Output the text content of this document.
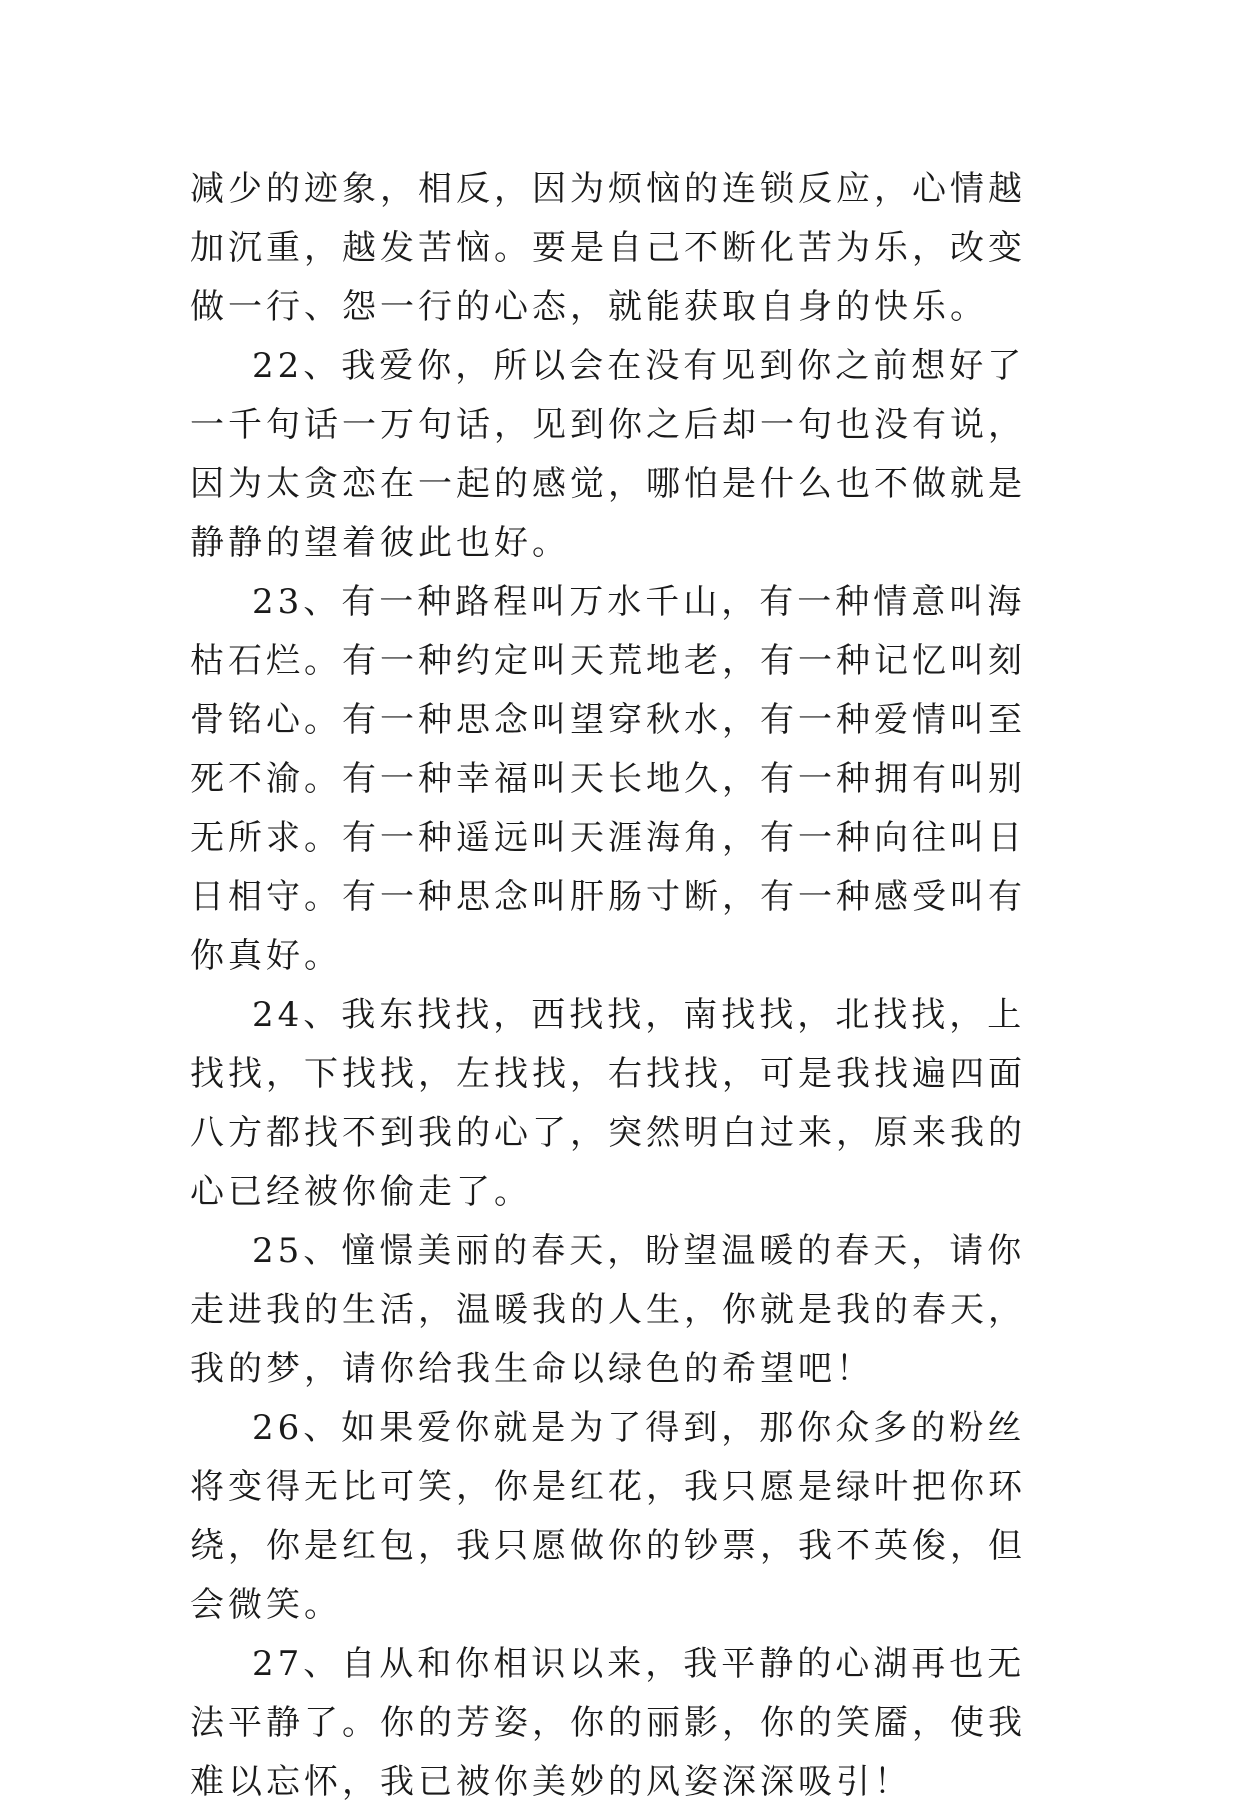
减少的迹象，相反，因为烦恼的连锁反应，心情越加沉重，越发苦恼。要是自己不断化苦为乐，改变做一行、怨一行的心态，就能获取自身的快乐。

22、我爱你，所以会在没有见到你之前想好了一千句话一万句话，见到你之后却一句也没有说，因为太贪恋在一起的感觉，哪怕是什么也不做就是静静的望着彼此也好。

23、有一种路程叫万水千山，有一种情意叫海枯石烂。有一种约定叫天荒地老，有一种记忆叫刻骨铭心。有一种思念叫望穿秋水，有一种爱情叫至死不渝。有一种幸福叫天长地久，有一种拥有叫别无所求。有一种遥远叫天涯海角，有一种向往叫日日相守。有一种思念叫肝肠寸断，有一种感受叫有你真好。

24、我东找找，西找找，南找找，北找找，上找找，下找找，左找找，右找找，可是我找遍四面八方都找不到我的心了，突然明白过来，原来我的心已经被你偷走了。

25、憧憬美丽的春天，盼望温暖的春天，请你走进我的生活，温暖我的人生，你就是我的春天，我的梦，请你给我生命以绿色的希望吧！

26、如果爱你就是为了得到，那你众多的粉丝将变得无比可笑，你是红花，我只愿是绿叶把你环绕，你是红包，我只愿做你的钞票，我不英俊，但会微笑。

27、自从和你相识以来，我平静的心湖再也无法平静了。你的芳姿，你的丽影，你的笑靥，使我难以忘怀，我已被你美妙的风姿深深吸引！
